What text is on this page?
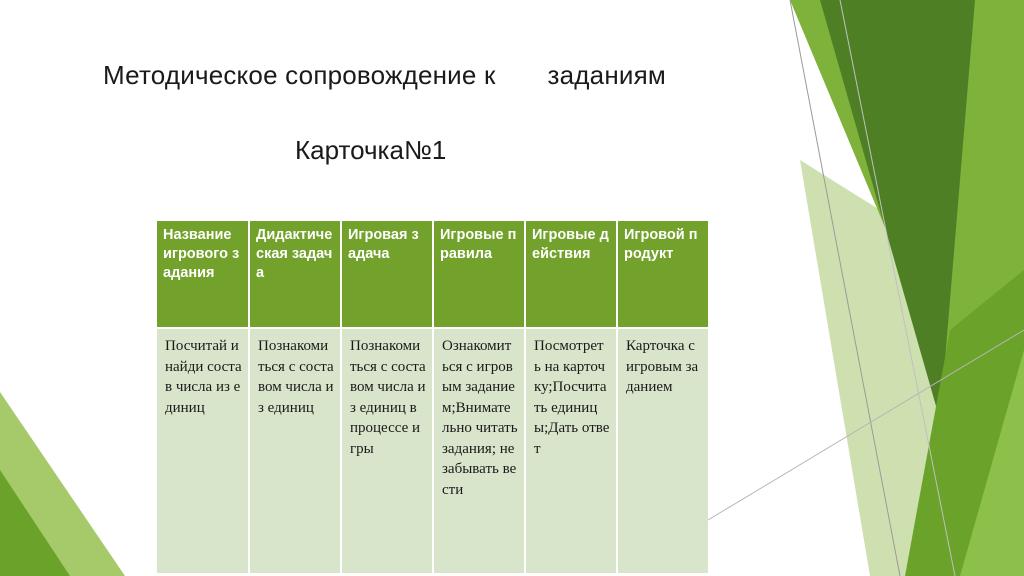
Методическое сопровождение к       заданиям
Карточка№1
Название игрового задания	Дидактическая задача	Игровая задача	Игровые правила	Игровые действия	Игровой продукт
Посчитай и найди состав числа из единиц	Познакомиться с составом числа из единиц	Познакомиться с составом числа из единиц в процессе игры	Ознакомиться с игровым заданием;Внимательно читать задания; не забывать вести	Посмотреть на карточку;Посчитать единицы;Дать ответ	Карточка с игровым заданием
